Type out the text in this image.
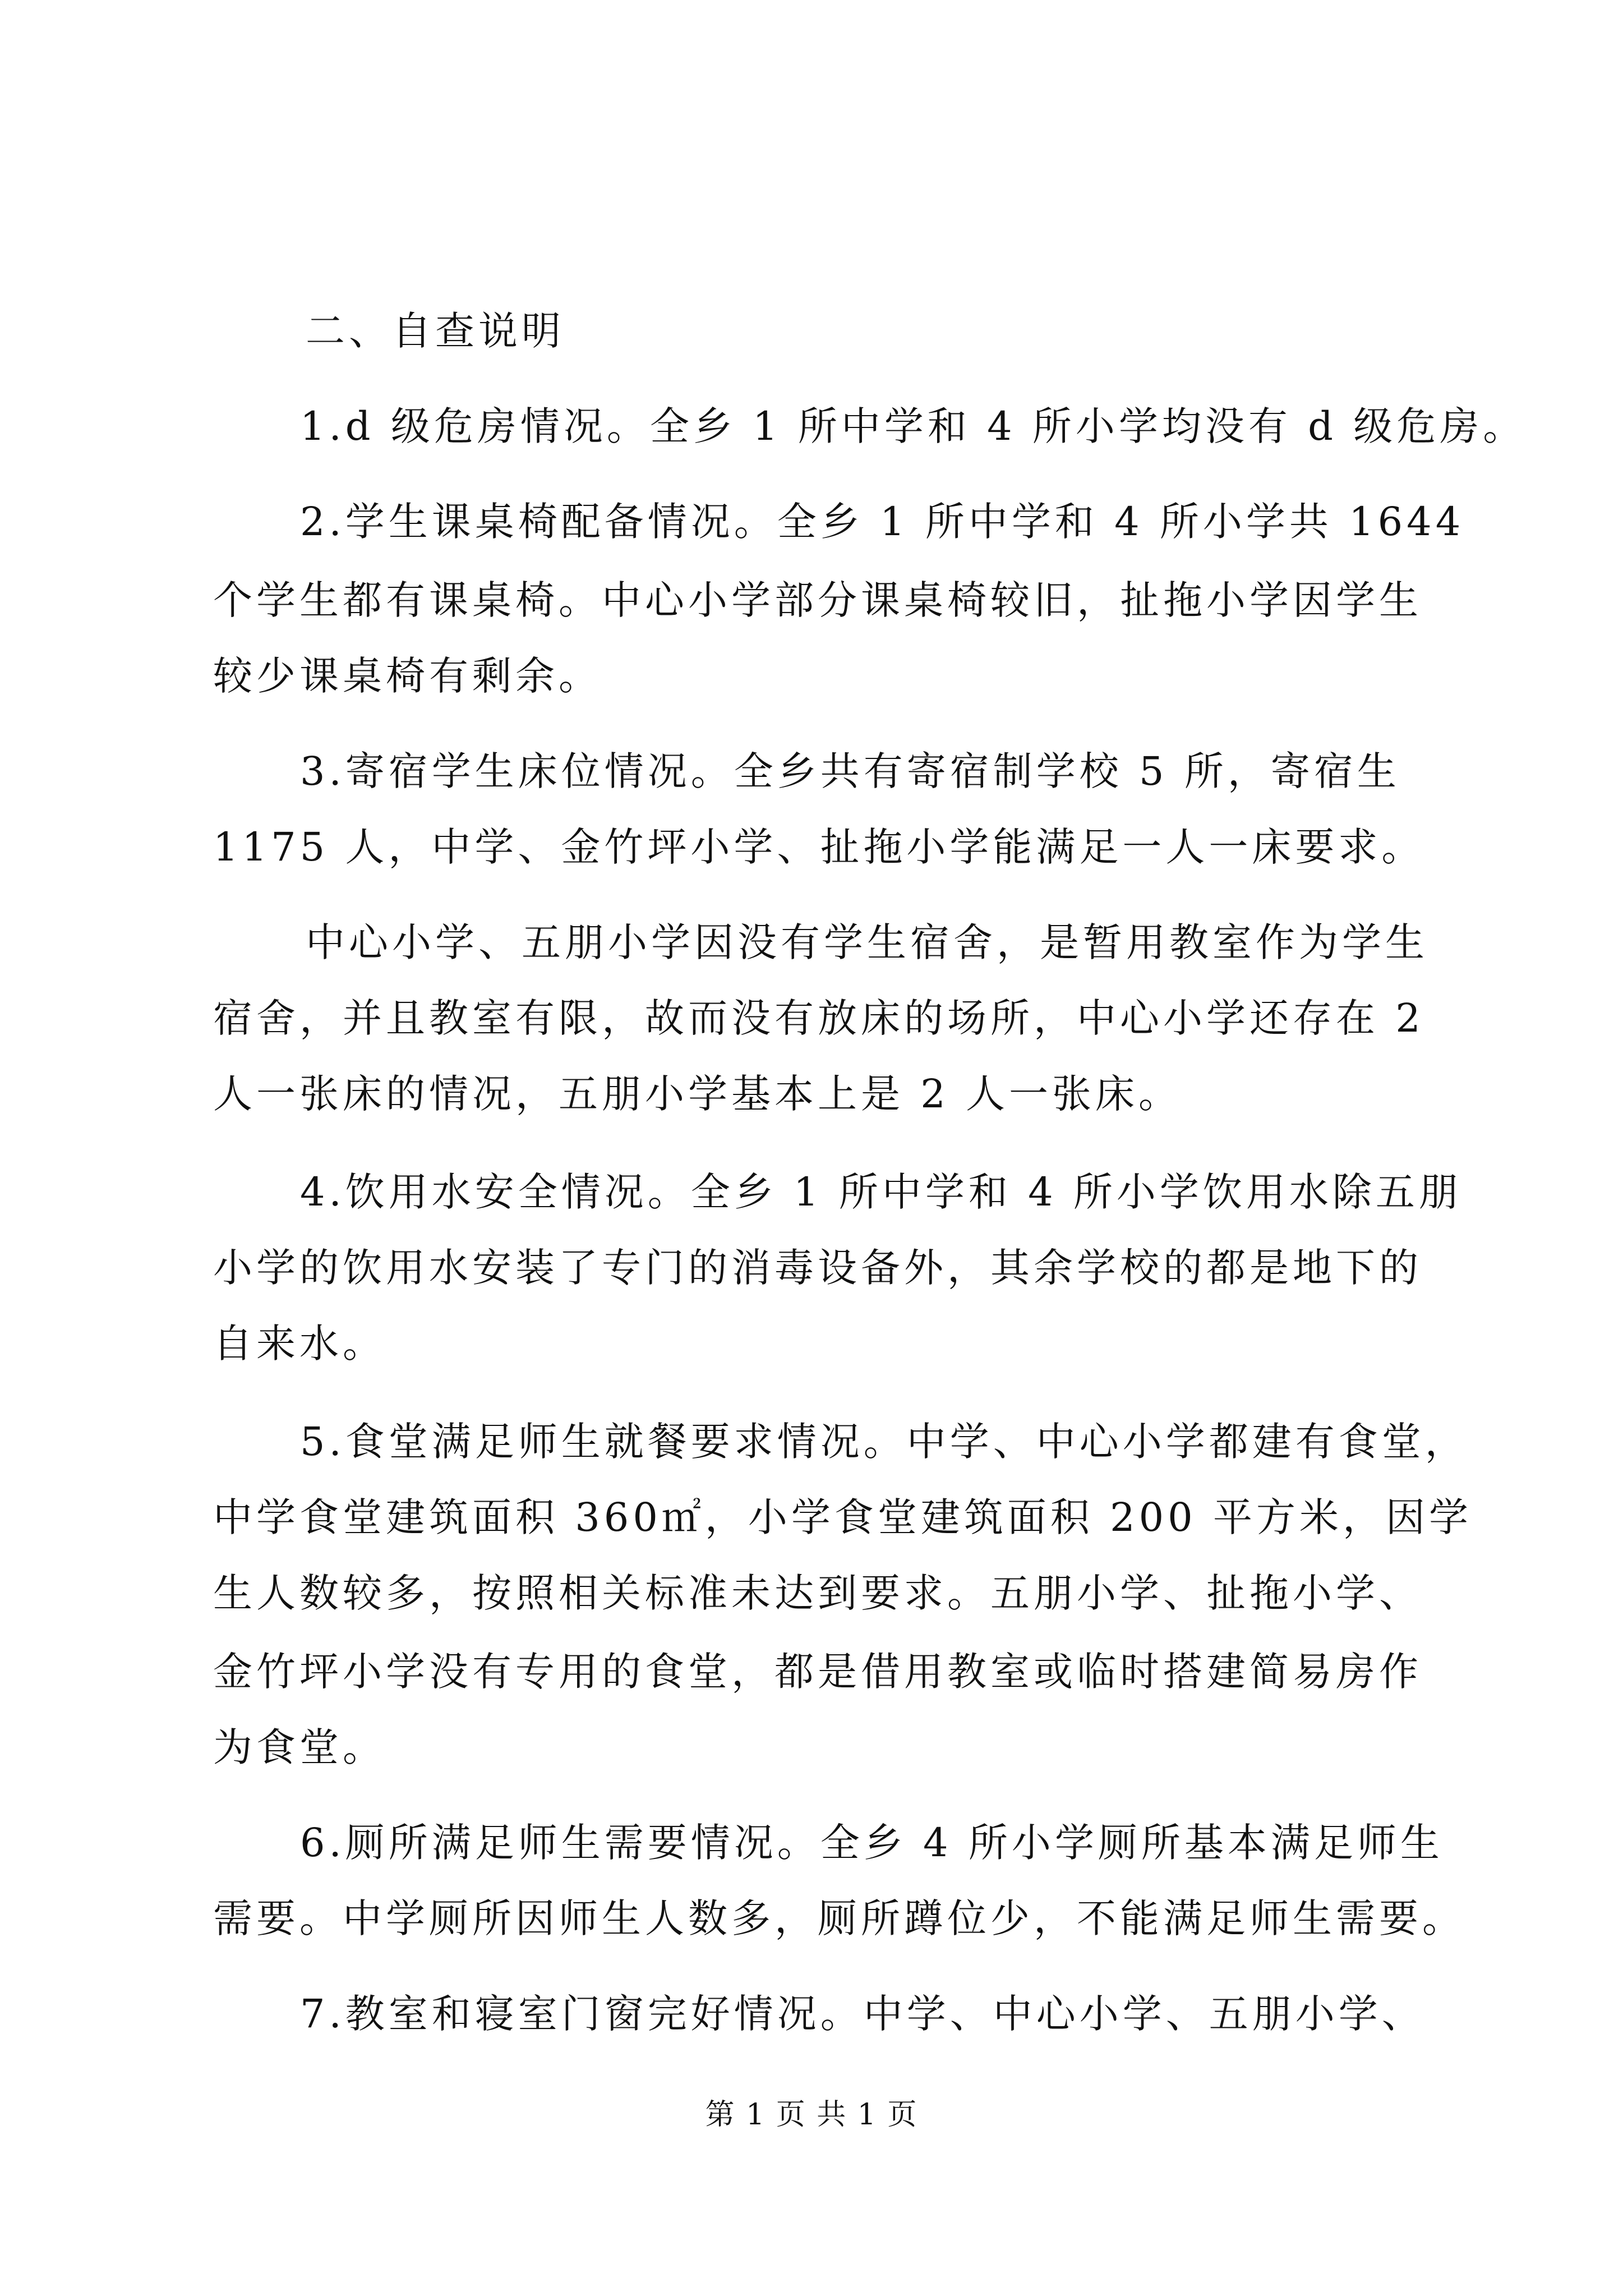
二、自查说明

1.d 级危房情况。全乡 1 所中学和 4 所小学均没有 d 级危房。

2.学生课桌椅配备情况。全乡 1 所中学和 4 所小学共 1644

个学生都有课桌椅。中心小学部分课桌椅较旧，扯拖小学因学生

较少课桌椅有剩余。

3.寄宿学生床位情况。全乡共有寄宿制学校 5 所，寄宿生

1175 人，中学、金竹坪小学、扯拖小学能满足一人一床要求。

中心小学、五朋小学因没有学生宿舍，是暂用教室作为学生

宿舍，并且教室有限，故而没有放床的场所，中心小学还存在 2

人一张床的情况，五朋小学基本上是 2 人一张床。

4.饮用水安全情况。全乡 1 所中学和 4 所小学饮用水除五朋

小学的饮用水安装了专门的消毒设备外，其余学校的都是地下的

自来水。

5.食堂满足师生就餐要求情况。中学、中心小学都建有食堂，

中学食堂建筑面积 360㎡，小学食堂建筑面积 200 平方米，因学

生人数较多，按照相关标准未达到要求。五朋小学、扯拖小学、

金竹坪小学没有专用的食堂，都是借用教室或临时搭建简易房作

为食堂。

6.厕所满足师生需要情况。全乡 4 所小学厕所基本满足师生

需要。中学厕所因师生人数多，厕所蹲位少，不能满足师生需要。

7.教室和寝室门窗完好情况。中学、中心小学、五朋小学、

第 1 页 共 1 页
